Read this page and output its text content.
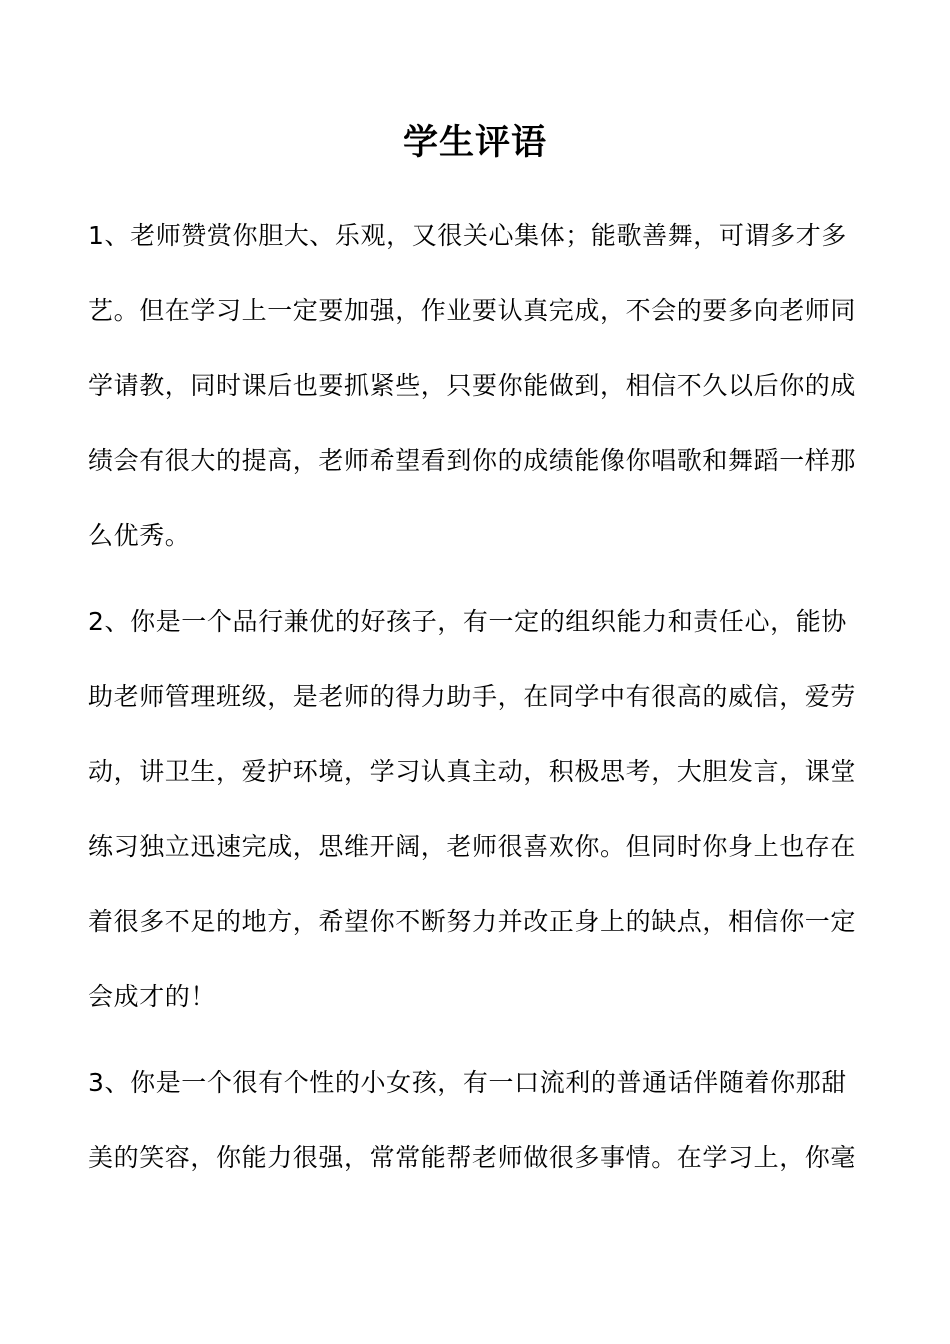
学生评语
1、老师赞赏你胆大、乐观，又很关心集体；能歌善舞，可谓多才多
艺。但在学习上一定要加强，作业要认真完成，不会的要多向老师同
学请教，同时课后也要抓紧些，只要你能做到，相信不久以后你的成
绩会有很大的提高，老师希望看到你的成绩能像你唱歌和舞蹈一样那
么优秀。
2、你是一个品行兼优的好孩子，有一定的组织能力和责任心，能协
助老师管理班级，是老师的得力助手，在同学中有很高的威信，爱劳
动，讲卫生，爱护环境，学习认真主动，积极思考，大胆发言，课堂
练习独立迅速完成，思维开阔，老师很喜欢你。但同时你身上也存在
着很多不足的地方，希望你不断努力并改正身上的缺点，相信你一定
会成才的！
3、你是一个很有个性的小女孩，有一口流利的普通话伴随着你那甜
美的笑容，你能力很强，常常能帮老师做很多事情。在学习上，你毫
